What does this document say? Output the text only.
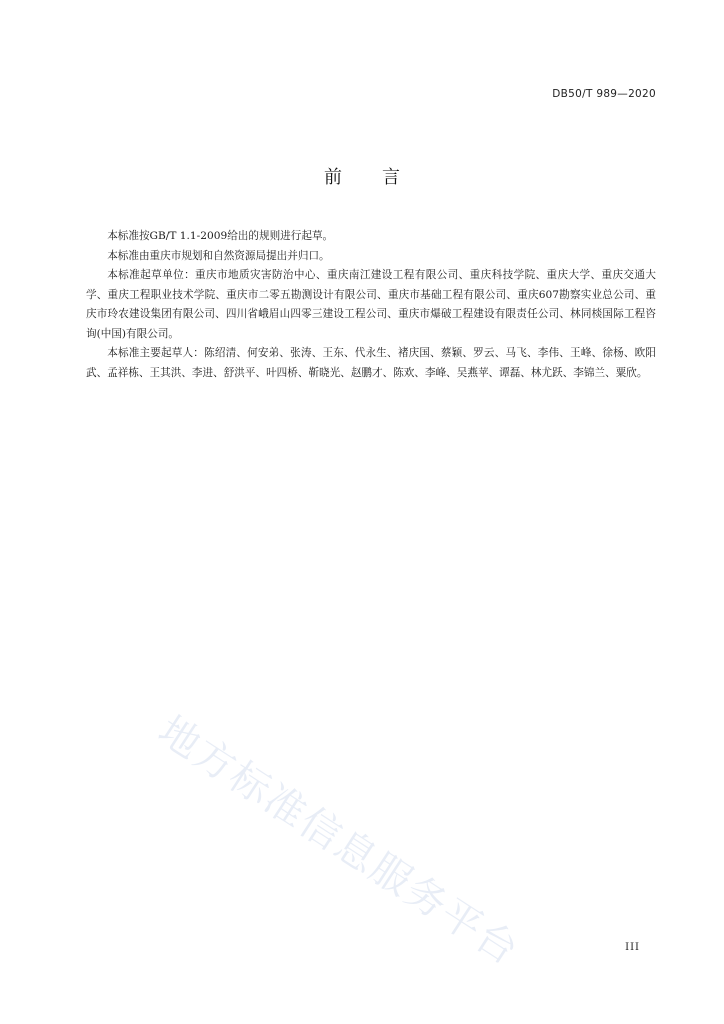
DB50/T 989—2020
前言

本标准按GB/T 1.1-2009给出的规则进行起草。

本标准由重庆市规划和自然资源局提出并归口。

本标准起草单位：重庆市地质灾害防治中心、重庆南江建设工程有限公司、重庆科技学院、重庆大学、重庆交通大学、重庆工程职业技术学院、重庆市二零五勘测设计有限公司、重庆市基础工程有限公司、重庆607勘察实业总公司、重庆市玲农建设集团有限公司、四川省峨眉山四零三建设工程公司、重庆市爆破工程建设有限责任公司、林同棪国际工程咨询(中国)有限公司。

本标准主要起草人：陈绍清、何安弟、张涛、王东、代永生、褚庆国、蔡颖、罗云、马飞、李伟、王峰、徐杨、欧阳武、孟祥栋、王其洪、李进、舒洪平、叶四桥、靳晓光、赵鹏才、陈欢、李峰、吴燕苹、谭磊、林尤跃、李锦兰、粟欣。

地方标准信息服务平台	III
